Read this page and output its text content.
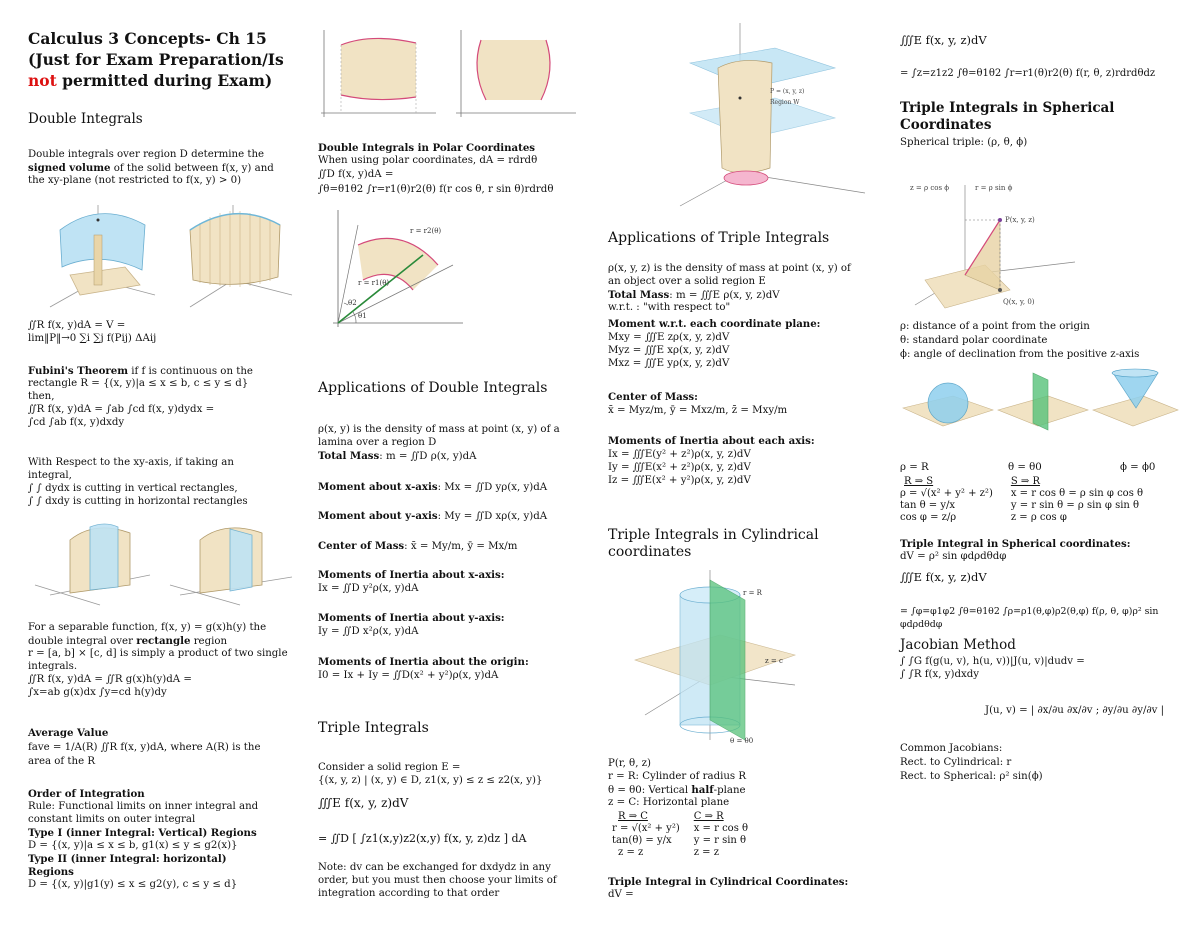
Calculus 3 Concepts- Ch 15
(Just for Exam Preparation/Is
not permitted during Exam)
Double Integrals
Double integrals over region D determine the
signed volume of the solid between f(x, y) and
the xy-plane (not restricted to f(x, y) > 0)
∬R f(x, y)dA = V =
lim‖P‖→0 ∑i ∑j f(Pij) ΔAij
Fubini's Theorem if f is continuous on the
rectangle R = {(x, y)|a ≤ x ≤ b, c ≤ y ≤ d}
then,
∬R f(x, y)dA = ∫ab ∫cd f(x, y)dydx =
∫cd ∫ab f(x, y)dxdy
With Respect to the xy-axis, if taking an
integral,
∫ ∫ dydx is cutting in vertical rectangles,
∫ ∫ dxdy is cutting in horizontal rectangles
For a separable function, f(x, y) = g(x)h(y) the
double integral over rectangle region
r = [a, b] × [c, d] is simply a product of two single
integrals.
∬R f(x, y)dA = ∬R g(x)h(y)dA =
∫x=ab g(x)dx ∫y=cd h(y)dy
Average Value
fave = 1/A(R) ∬R f(x, y)dA, where A(R) is the
area of the R
Order of Integration
Rule: Functional limits on inner integral and
constant limits on outer integral
Type I (inner Integral: Vertical) Regions
D = {(x, y)|a ≤ x ≤ b, g1(x) ≤ y ≤ g2(x)}
Type II (inner Integral: horizontal)
Regions
D = {(x, y)|g1(y) ≤ x ≤ g2(y), c ≤ y ≤ d}
Double Integrals in Polar Coordinates
When using polar coordinates, dA = rdrdθ
∬D f(x, y)dA =
∫θ=θ1θ2 ∫r=r1(θ)r2(θ) f(r cos θ, r sin θ)rdrdθ
r = r2(θ)
r = r1(θ)
θ1
θ2
Applications of Double Integrals
ρ(x, y) is the density of mass at point (x, y) of a
lamina over a region D
Total Mass: m = ∬D ρ(x, y)dA
Moment about x-axis: Mx = ∬D yρ(x, y)dA
Moment about y-axis: My = ∬D xρ(x, y)dA
Center of Mass: x̄ = My/m, ȳ = Mx/m
Moments of Inertia about x-axis:
Ix = ∬D y²ρ(x, y)dA
Moments of Inertia about y-axis:
Iy = ∬D x²ρ(x, y)dA
Moments of Inertia about the origin:
I0 = Ix + Iy = ∬D(x² + y²)ρ(x, y)dA
Triple Integrals
Consider a solid region E =
{(x, y, z) | (x, y) ∈ D, z1(x, y) ≤ z ≤ z2(x, y)}
∭E f(x, y, z)dV
= ∬D [ ∫z1(x,y)z2(x,y) f(x, y, z)dz ] dA
Note: dv can be exchanged for dxdydz in any
order, but you must then choose your limits of
integration according to that order
P = (x, y, z)
Region W
Applications of Triple Integrals
ρ(x, y, z) is the density of mass at point (x, y) of
an object over a solid region E
Total Mass: m = ∭E ρ(x, y, z)dV
w.r.t. : "with respect to"
Moment w.r.t. each coordinate plane:
Mxy = ∭E zρ(x, y, z)dV
Myz = ∭E xρ(x, y, z)dV
Mxz = ∭E yρ(x, y, z)dV
Center of Mass:
x̄ = Myz/m, ȳ = Mxz/m, z̄ = Mxy/m
Moments of Inertia about each axis:
Ix = ∭E(y² + z²)ρ(x, y, z)dV
Iy = ∭E(x² + z²)ρ(x, y, z)dV
Iz = ∭E(x² + y²)ρ(x, y, z)dV
Triple Integrals in Cylindrical
coordinates
r = R
z = c
θ = θ0
P(r, θ, z)
r = R: Cylinder of radius R
θ = θ0: Vertical half-plane
z = C: Horizontal plane
R ⇒ C	C ⇒ R
r = √(x² + y²)	x = r cos θ
tan(θ) = y/x	y = r sin θ
z = z	z = z
Triple Integral in Cylindrical Coordinates:
dV =
∭E f(x, y, z)dV
= ∫z=z1z2 ∫θ=θ1θ2 ∫r=r1(θ)r2(θ) f(r, θ, z)rdrdθdz
Triple Integrals in Spherical
Coordinates
Spherical triple: (ρ, θ, ϕ)
z = ρ cos ϕ	r = ρ sin ϕ
P(x, y, z)
Q(x, y, 0)
ρ: distance of a point from the origin
θ: standard polar coordinate
ϕ: angle of declination from the positive z-axis
ρ = R	θ = θ0	ϕ = ϕ0
R ⇒ S	S ⇒ R
ρ = √(x² + y² + z²)	x = r cos θ = ρ sin φ cos θ
tan θ = y/x	y = r sin θ = ρ sin φ sin θ
cos φ = z/ρ	z = ρ cos φ
Triple Integral in Spherical coordinates:
dV = ρ² sin φdρdθdφ
∭E f(x, y, z)dV
= ∫φ=φ1φ2 ∫θ=θ1θ2 ∫ρ=ρ1(θ,φ)ρ2(θ,φ) f(ρ, θ, φ)ρ² sin φdρdθdφ
Jacobian Method
∫ ∫G f(g(u, v), h(u, v))|J(u, v)|dudv =
∫ ∫R f(x, y)dxdy
J(u, v) = | ∂x/∂u ∂x/∂v ; ∂y/∂u ∂y/∂v |
Common Jacobians:
Rect. to Cylindrical: r
Rect. to Spherical: ρ² sin(ϕ)
